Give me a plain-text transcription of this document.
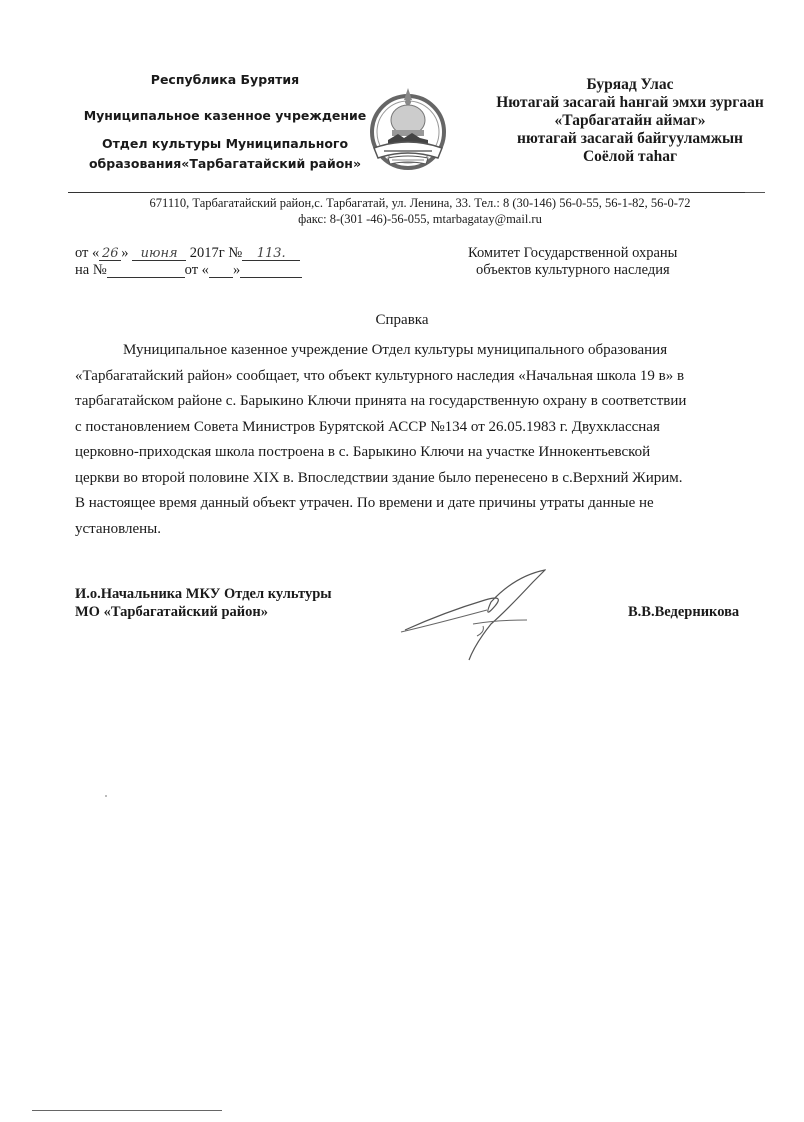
Республика Бурятия
Муниципальное казенное учреждение
Отдел культуры Муниципального
образования«Тарбагатайский район»
Буряад Улас
Нютагай засагай hангай эмхи зургаан
«Тарбагатайн аймаг»
нютагай засагай байгууламжын
Соёлой таhаг
671110, Тарбагатайский район,с. Тарбагатай, ул. Ленина, 33. Тел.: 8 (30-146) 56-0-55, 56-1-82, 56-0-72
факс: 8-(301 -46)-56-055, mtarbagatay@mail.ru
от « 26 » июня 2017г № 113.
на №	от « »
Комитет Государственной охраны
объектов культурного наследия
Справка
Муниципальное казенное учреждение Отдел культуры муниципального образования
«Тарбагатайский район» сообщает, что объект культурного наследия «Начальная школа 19 в» в
тарбагатайском районе с. Барыкино Ключи принята на государственную охрану в соответствии
с постановлением Совета Министров Бурятской АССР №134 от 26.05.1983 г. Двухклассная
церковно-приходская школа построена в с. Барыкино Ключи на участке Иннокентьевской
церкви во второй половине XIX в. Впоследствии здание было перенесено в с.Верхний Жирим.
В настоящее время данный объект утрачен. По времени и дате причины утраты данные не
установлены.
И.о.Начальника МКУ Отдел культуры
МО «Тарбагатайский район»	В.В.Ведерникова
